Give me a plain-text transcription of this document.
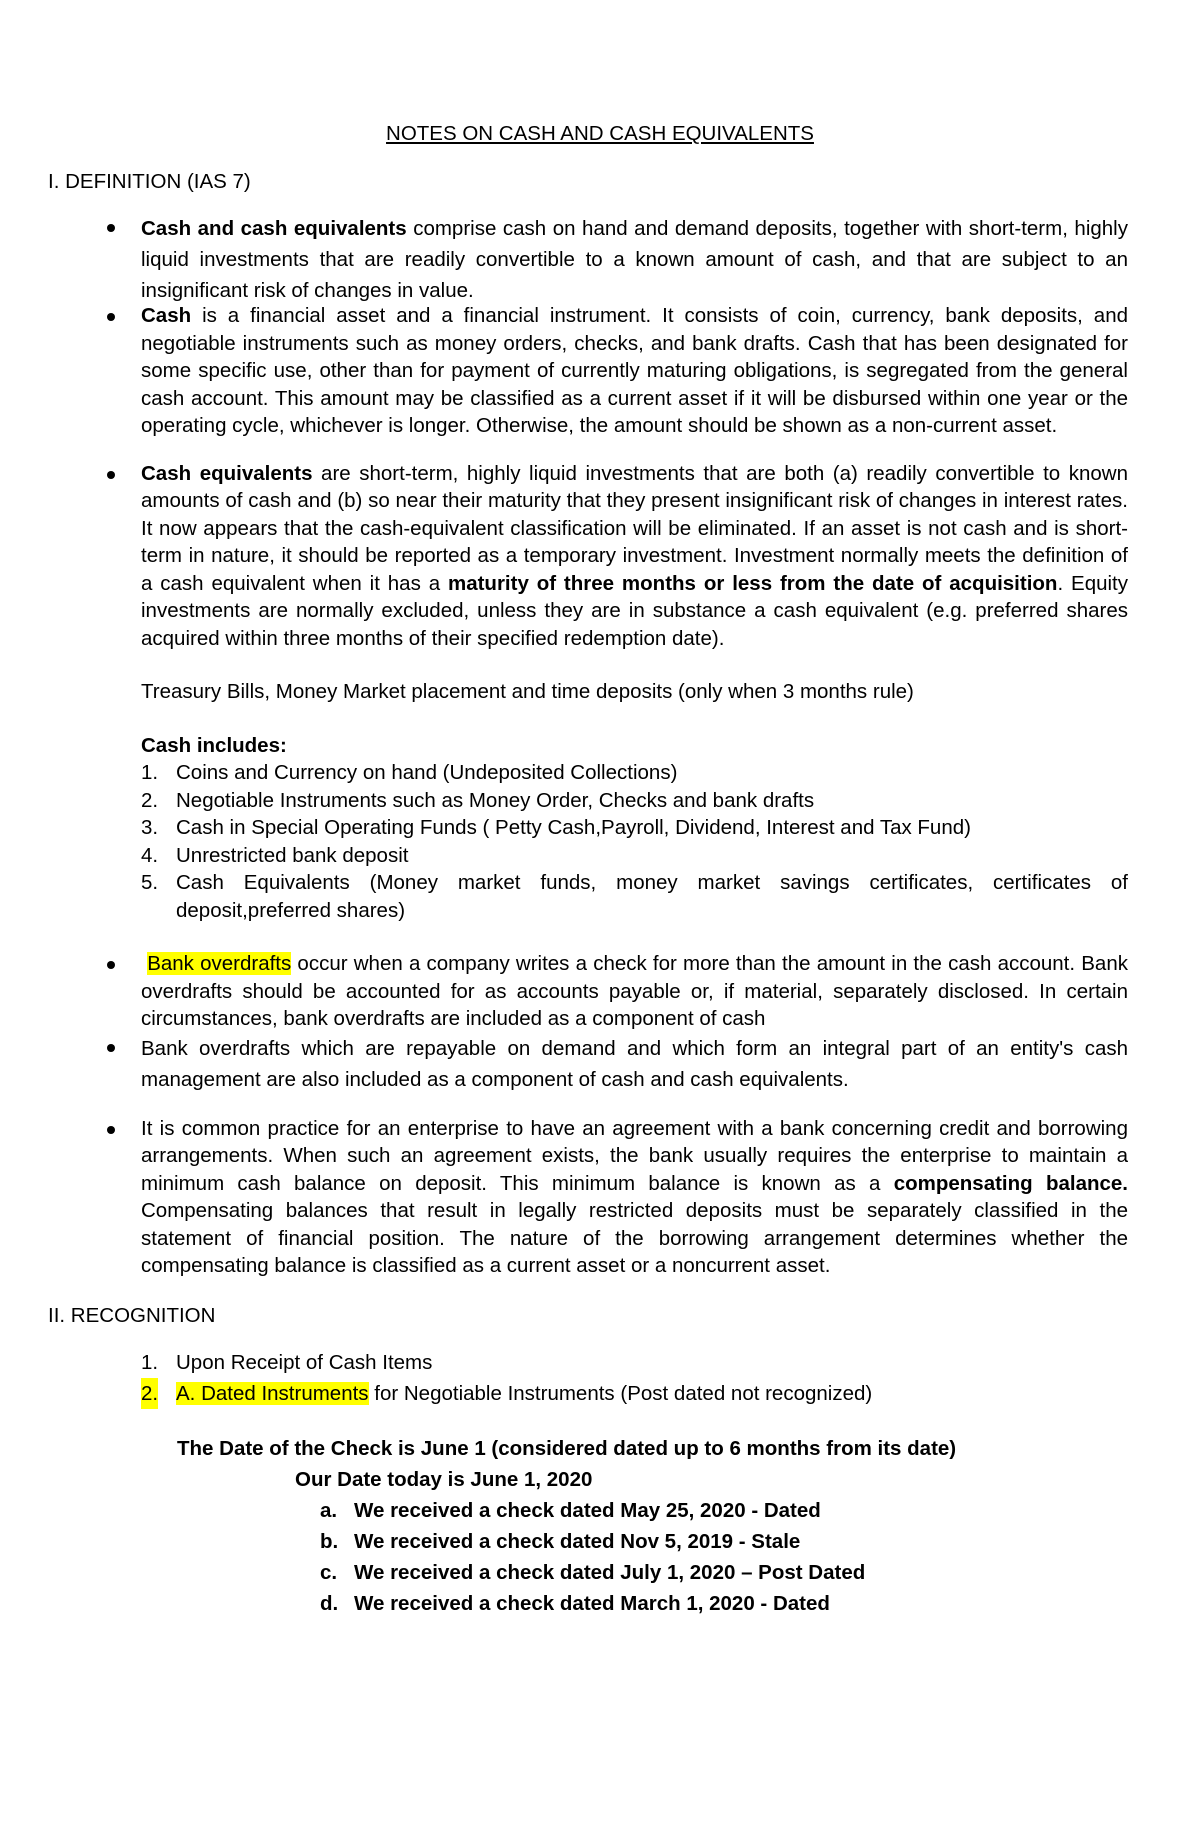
NOTES ON CASH AND CASH EQUIVALENTS
I. DEFINITION (IAS 7)
Cash and cash equivalents comprise cash on hand and demand deposits, together with short-term, highly liquid investments that are readily convertible to a known amount of cash, and that are subject to an insignificant risk of changes in value.
Cash is a financial asset and a financial instrument. It consists of coin, currency, bank deposits, and negotiable instruments such as money orders, checks, and bank drafts. Cash that has been designated for some specific use, other than for payment of currently maturing obligations, is segregated from the general cash account. This amount may be classified as a current asset if it will be disbursed within one year or the operating cycle, whichever is longer. Otherwise, the amount should be shown as a non-current asset.
Cash equivalents are short-term, highly liquid investments that are both (a) readily convertible to known amounts of cash and (b) so near their maturity that they present insignificant risk of changes in interest rates. It now appears that the cash-equivalent classification will be eliminated. If an asset is not cash and is short-term in nature, it should be reported as a temporary investment. Investment normally meets the definition of a cash equivalent when it has a maturity of three months or less from the date of acquisition. Equity investments are normally excluded, unless they are in substance a cash equivalent (e.g. preferred shares acquired within three months of their specified redemption date).
Treasury Bills, Money Market placement and time deposits (only when 3 months rule)
Cash includes:
1. Coins and Currency on hand (Undeposited Collections)
2. Negotiable Instruments such as Money Order, Checks and bank drafts
3. Cash in Special Operating Funds ( Petty Cash,Payroll, Dividend, Interest and Tax Fund)
4. Unrestricted bank deposit
5. Cash Equivalents (Money market funds, money market savings certificates, certificates of deposit,preferred shares)
Bank overdrafts occur when a company writes a check for more than the amount in the cash account. Bank overdrafts should be accounted for as accounts payable or, if material, separately disclosed. In certain circumstances, bank overdrafts are included as a component of cash
Bank overdrafts which are repayable on demand and which form an integral part of an entity's cash management are also included as a component of cash and cash equivalents.
It is common practice for an enterprise to have an agreement with a bank concerning credit and borrowing arrangements. When such an agreement exists, the bank usually requires the enterprise to maintain a minimum cash balance on deposit. This minimum balance is known as a compensating balance. Compensating balances that result in legally restricted deposits must be separately classified in the statement of financial position. The nature of the borrowing arrangement determines whether the compensating balance is classified as a current asset or a noncurrent asset.
II. RECOGNITION
1. Upon Receipt of Cash Items
2. A. Dated Instruments for Negotiable Instruments (Post dated not recognized)
The Date of the Check is June 1 (considered dated up to 6 months from its date)
Our Date today is June 1, 2020
a. We received a check dated May 25, 2020 - Dated
b. We received a check dated Nov 5, 2019 - Stale
c. We received a check dated July 1, 2020 – Post Dated
d. We received a check dated March 1, 2020 - Dated
